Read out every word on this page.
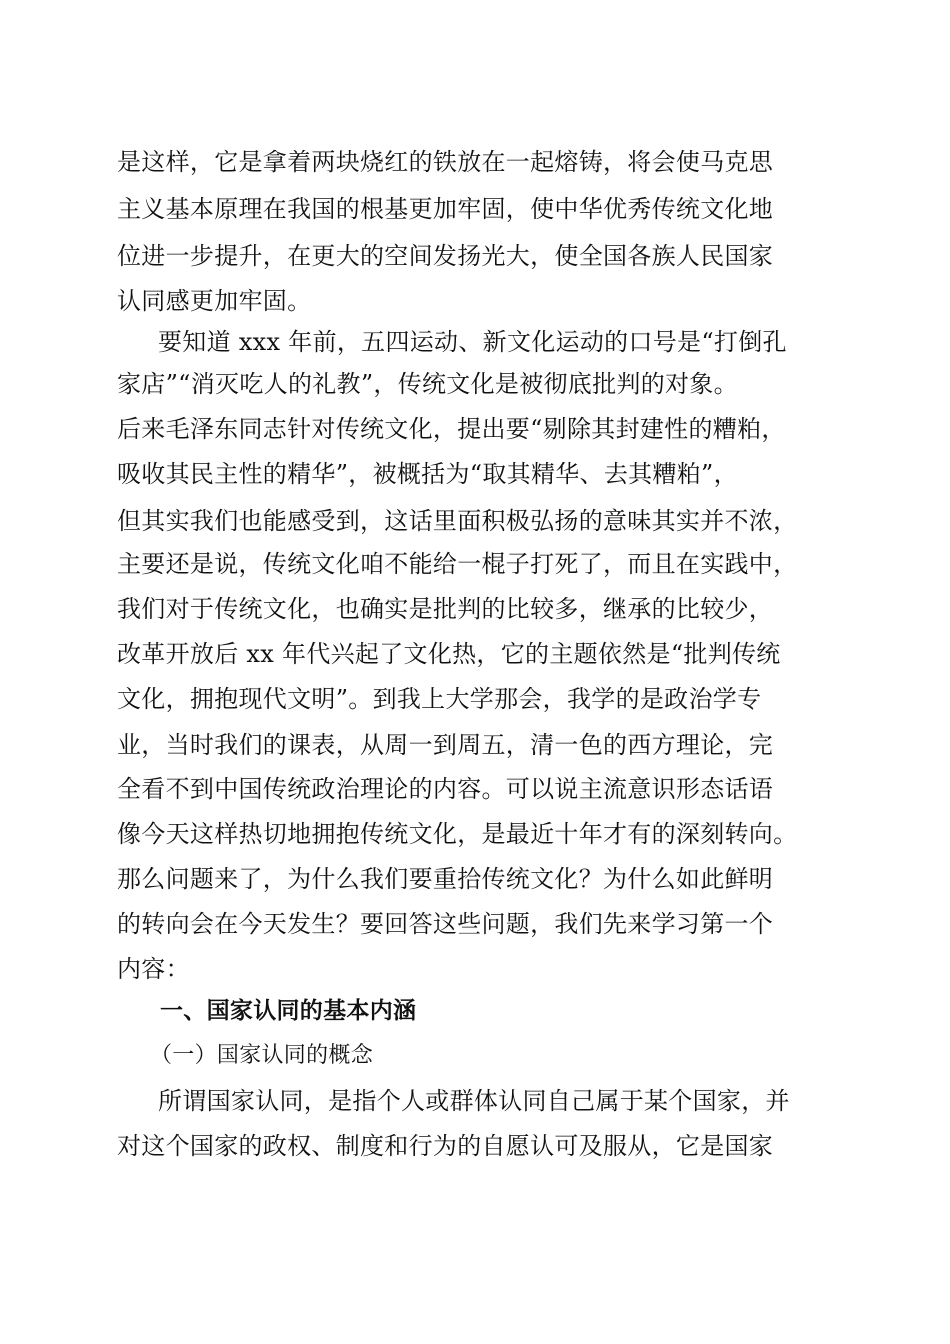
是这样，它是拿着两块烧红的铁放在一起熔铸，将会使马克思
主义基本原理在我国的根基更加牢固，使中华优秀传统文化地
位进一步提升，在更大的空间发扬光大，使全国各族人民国家
认同感更加牢固。
要知道 xxx 年前，五四运动、新文化运动的口号是“打倒孔
家店”“消灭吃人的礼教”，传统文化是被彻底批判的对象。
后来毛泽东同志针对传统文化，提出要“剔除其封建性的糟粕，
吸收其民主性的精华”，被概括为“取其精华、去其糟粕”，
但其实我们也能感受到，这话里面积极弘扬的意味其实并不浓，
主要还是说，传统文化咱不能给一棍子打死了，而且在实践中，
我们对于传统文化，也确实是批判的比较多，继承的比较少，
改革开放后 xx 年代兴起了文化热，它的主题依然是“批判传统
文化，拥抱现代文明”。到我上大学那会，我学的是政治学专
业，当时我们的课表，从周一到周五，清一色的西方理论，完
全看不到中国传统政治理论的内容。可以说主流意识形态话语
像今天这样热切地拥抱传统文化，是最近十年才有的深刻转向。
那么问题来了，为什么我们要重拾传统文化？为什么如此鲜明
的转向会在今天发生？要回答这些问题，我们先来学习第一个
内容：
一、国家认同的基本内涵
（一）国家认同的概念
所谓国家认同，是指个人或群体认同自己属于某个国家，并
对这个国家的政权、制度和行为的自愿认可及服从，它是国家
